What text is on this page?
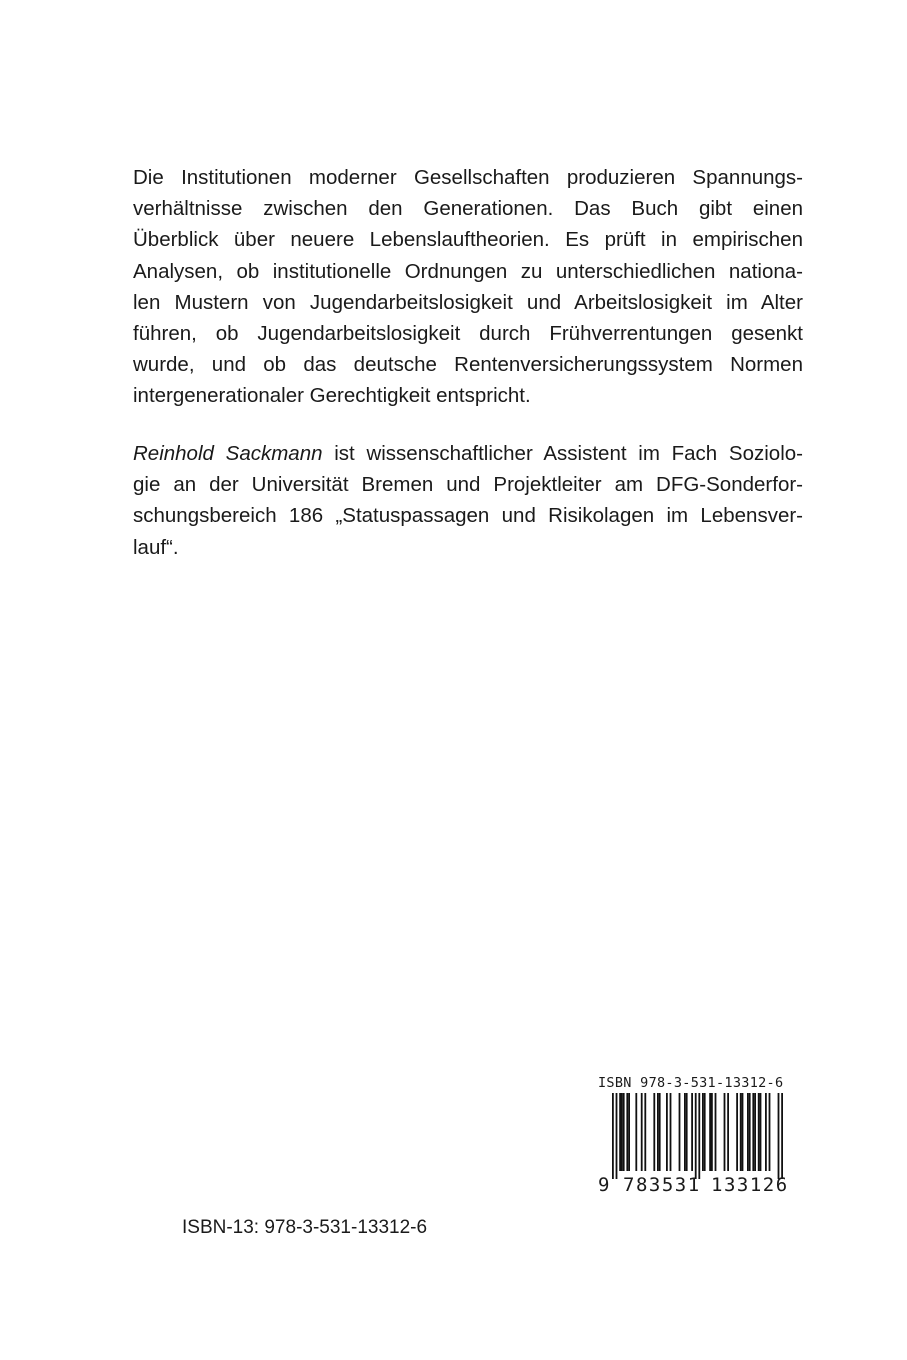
Die Institutionen moderner Gesellschaften produzieren Spannungs-
verhältnisse zwischen den Generationen. Das Buch gibt einen
Überblick über neuere Lebenslauftheorien. Es prüft in empirischen
Analysen, ob institutionelle Ordnungen zu unterschiedlichen nationa-
len Mustern von Jugendarbeitslosigkeit und Arbeitslosigkeit im Alter
führen, ob Jugendarbeitslosigkeit durch Frühverrentungen gesenkt
wurde, und ob das deutsche Rentenversicherungssystem Normen
intergenerationaler Gerechtigkeit entspricht.
Reinhold Sackmann ist wissenschaftlicher Assistent im Fach Soziolo-
gie an der Universität Bremen und Projektleiter am DFG-Sonderfor-
schungsbereich 186 „Statuspassagen und Risikolagen im Lebensver-
lauf“.
ISBN 978-3-531-13312-6
9 783531 133126
ISBN-13: 978-3-531-13312-6
